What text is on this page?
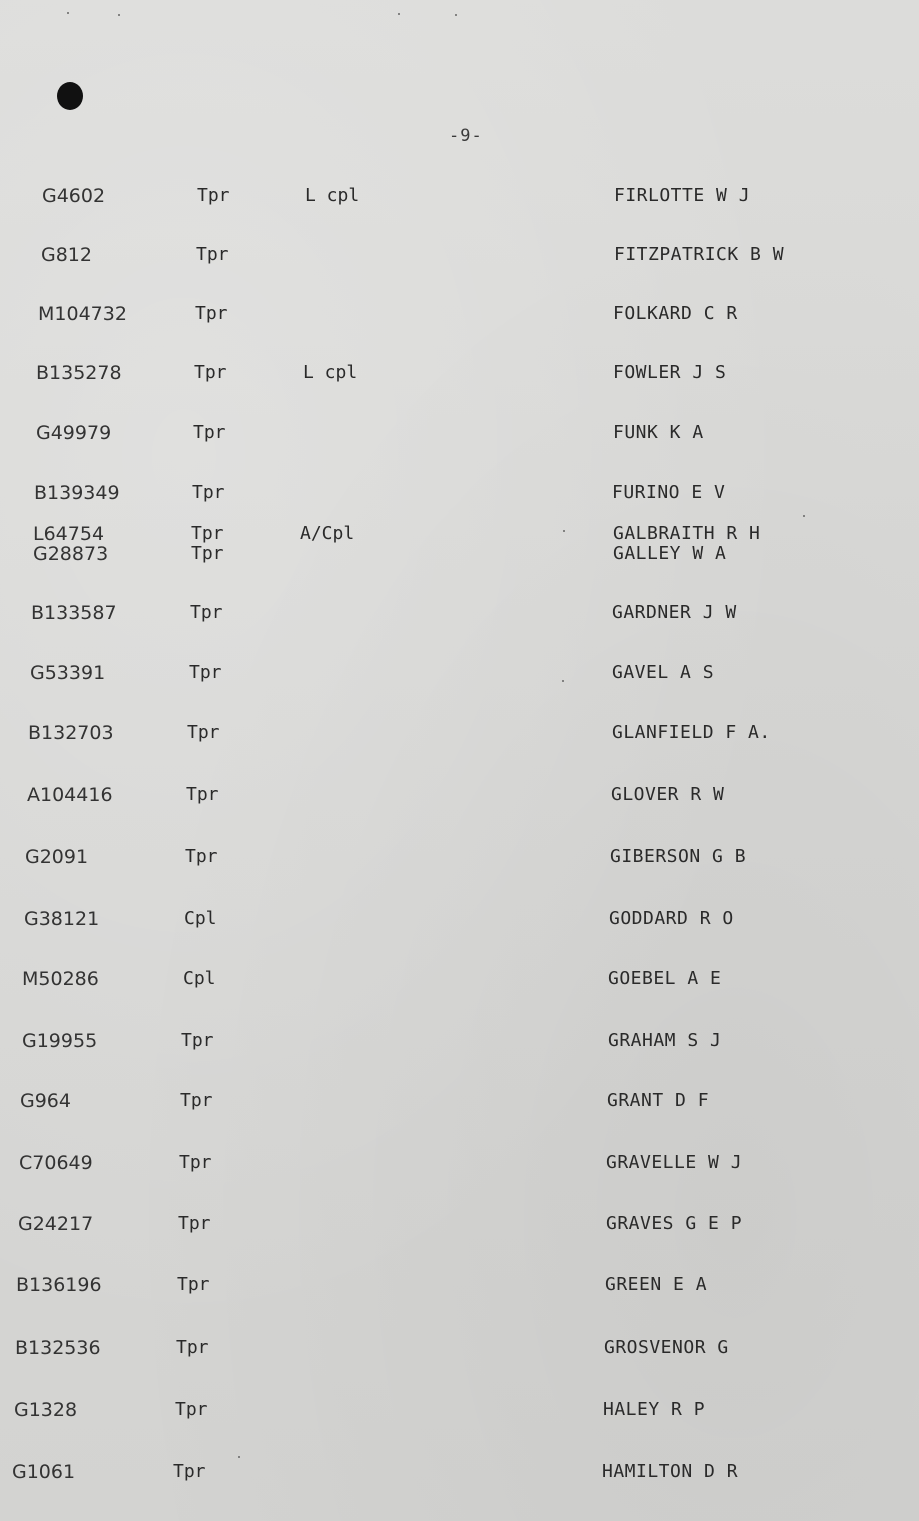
-9-
G4602	Tpr	L cpl	FIRLOTTE W J
G812	Tpr	FITZPATRICK B W
M104732	Tpr	FOLKARD C R
B135278	Tpr	L cpl	FOWLER J S
G49979	Tpr	FUNK K A
B139349	Tpr	FURINO E V
L64754	Tpr	A/Cpl	GALBRAITH R H
G28873	Tpr	GALLEY W A
B133587	Tpr	GARDNER J W
G53391	Tpr	GAVEL A S
B132703	Tpr	GLANFIELD F A.
A104416	Tpr	GLOVER R W
G2091	Tpr	GIBERSON G B
G38121	Cpl	GODDARD R O
M50286	Cpl	GOEBEL A E
G19955	Tpr	GRAHAM S J
G964	Tpr	GRANT D F
C70649	Tpr	GRAVELLE W J
G24217	Tpr	GRAVES G E P
B136196	Tpr	GREEN E A
B132536	Tpr	GROSVENOR G
G1328	Tpr	HALEY R P
G1061	Tpr	HAMILTON D R
